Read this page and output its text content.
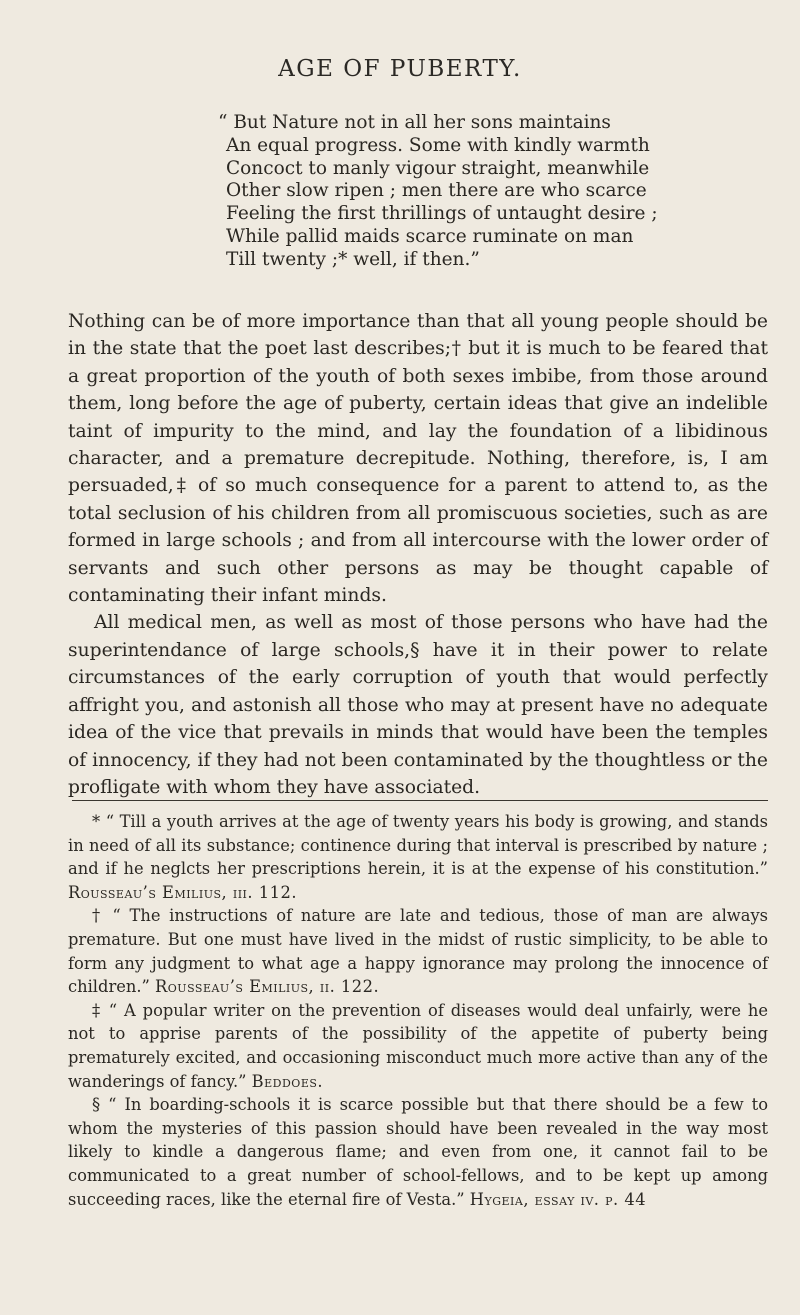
AGE OF PUBERTY.
“ But Nature not in all her sons maintains
An equal progress. Some with kindly warmth
Concoct to manly vigour straight, meanwhile
Other slow ripen ; men there are who scarce
Feeling the first thrillings of untaught desire ;
While pallid maids scarce ruminate on man
Till twenty ;* well, if then.”

Nothing can be of more importance than that all young people should be in the state that the poet last describes;† but it is much to be feared that a great proportion of the youth of both sexes imbibe, from those around them, long before the age of puberty, certain ideas that give an indelible taint of impurity to the mind, and lay the foundation of a libidinous character, and a premature decrepitude. Nothing, therefore, is, I am persuaded,‡ of so much consequence for a parent to attend to, as the total seclusion of his children from all promiscuous societies, such as are formed in large schools ; and from all intercourse with the lower order of servants and such other persons as may be thought capable of contaminating their infant minds.

All medical men, as well as most of those persons who have had the superintendance of large schools,§ have it in their power to relate circumstances of the early corruption of youth that would perfectly affright you, and astonish all those who may at present have no adequate idea of the vice that prevails in minds that would have been the temples of innocency, if they had not been contaminated by the thoughtless or the profligate with whom they have associated.

* “ Till a youth arrives at the age of twenty years his body is growing, and stands in need of all its substance; continence during that interval is prescribed by nature ; and if he neglcts her prescriptions herein, it is at the expense of his constitution.” Rousseau’s Emilius, iii. 112.

† “ The instructions of nature are late and tedious, those of man are always premature. But one must have lived in the midst of rustic simplicity, to be able to form any judgment to what age a happy ignorance may prolong the innocence of children.” Rousseau’s Emilius, ii. 122.

‡ “ A popular writer on the prevention of diseases would deal unfairly, were he not to apprise parents of the possibility of the appetite of puberty being prematurely excited, and occasioning misconduct much more active than any of the wanderings of fancy.” Beddoes.

§ “ In boarding-schools it is scarce possible but that there should be a few to whom the mysteries of this passion should have been revealed in the way most likely to kindle a dangerous flame; and even from one, it cannot fail to be communicated to a great number of school-fellows, and to be kept up among succeeding races, like the eternal fire of Vesta.” Hygeia, essay iv. p. 44
